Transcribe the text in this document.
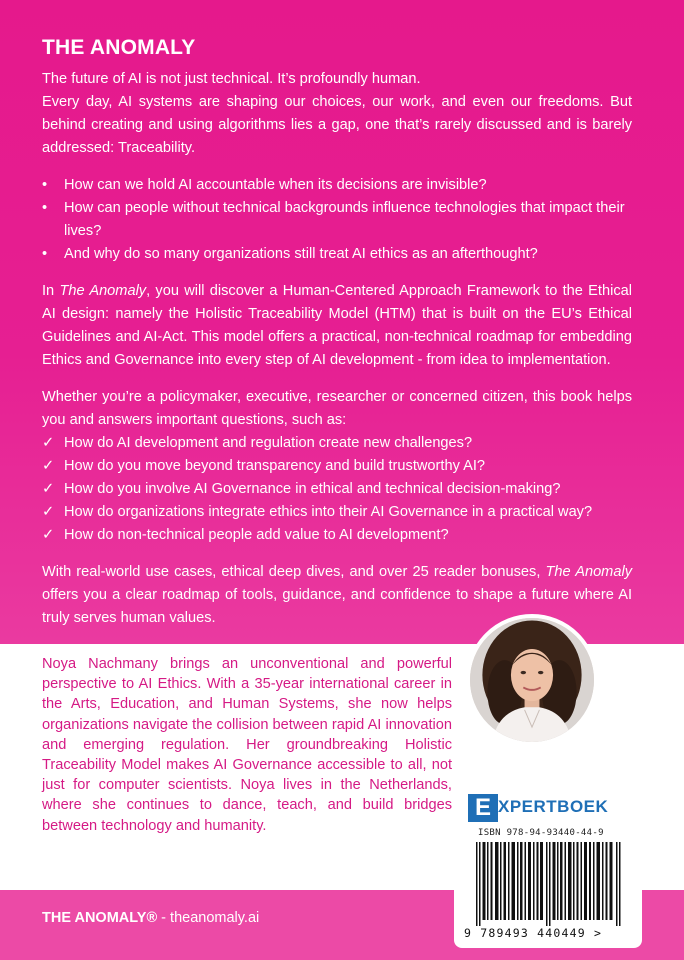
THE ANOMALY

The future of AI is not just technical. It’s profoundly human.

Every day, AI systems are shaping our choices, our work, and even our freedoms. But behind creating and using algorithms lies a gap, one that’s rarely discussed and is barely addressed: Traceability.

• How can we hold AI accountable when its decisions are invisible?
• How can people without technical backgrounds influence technologies that impact their lives?
• And why do so many organizations still treat AI ethics as an afterthought?

In The Anomaly, you will discover a Human-Centered Approach Framework to the Ethical AI design: namely the Holistic Traceability Model (HTM) that is built on the EU’s Ethical Guidelines and AI-Act. This model offers a practical, non-technical roadmap for embedding Ethics and Governance into every step of AI development - from idea to implementation.

Whether you’re a policymaker, executive, researcher or concerned citizen, this book helps you and answers important questions, such as:

✓ How do AI development and regulation create new challenges?
✓ How do you move beyond transparency and build trustworthy AI?
✓ How do you involve AI Governance in ethical and technical decision-making?
✓ How do organizations integrate ethics into their AI Governance in a practical way?
✓ How do non-technical people add value to AI development?

With real-world use cases, ethical deep dives, and over 25 reader bonuses, The Anomaly offers you a clear roadmap of tools, guidance, and confidence to shape a future where AI truly serves human values.

Noya Nachmany brings an unconventional and powerful perspective to AI Ethics. With a 35-year international career in the Arts, Education, and Human Systems, she now helps organizations navigate the collision between rapid AI innovation and emerging regulation. Her groundbreaking Holistic Traceability Model makes AI Governance accessible to all, not just for computer scientists. Noya lives in the Netherlands, where she continues to dance, teach, and build bridges between technology and humanity.
THE ANOMALY® - theanomaly.ai
E XPERTBOEK
ISBN 978-94-93440-44-9
9 789493 440449 >
